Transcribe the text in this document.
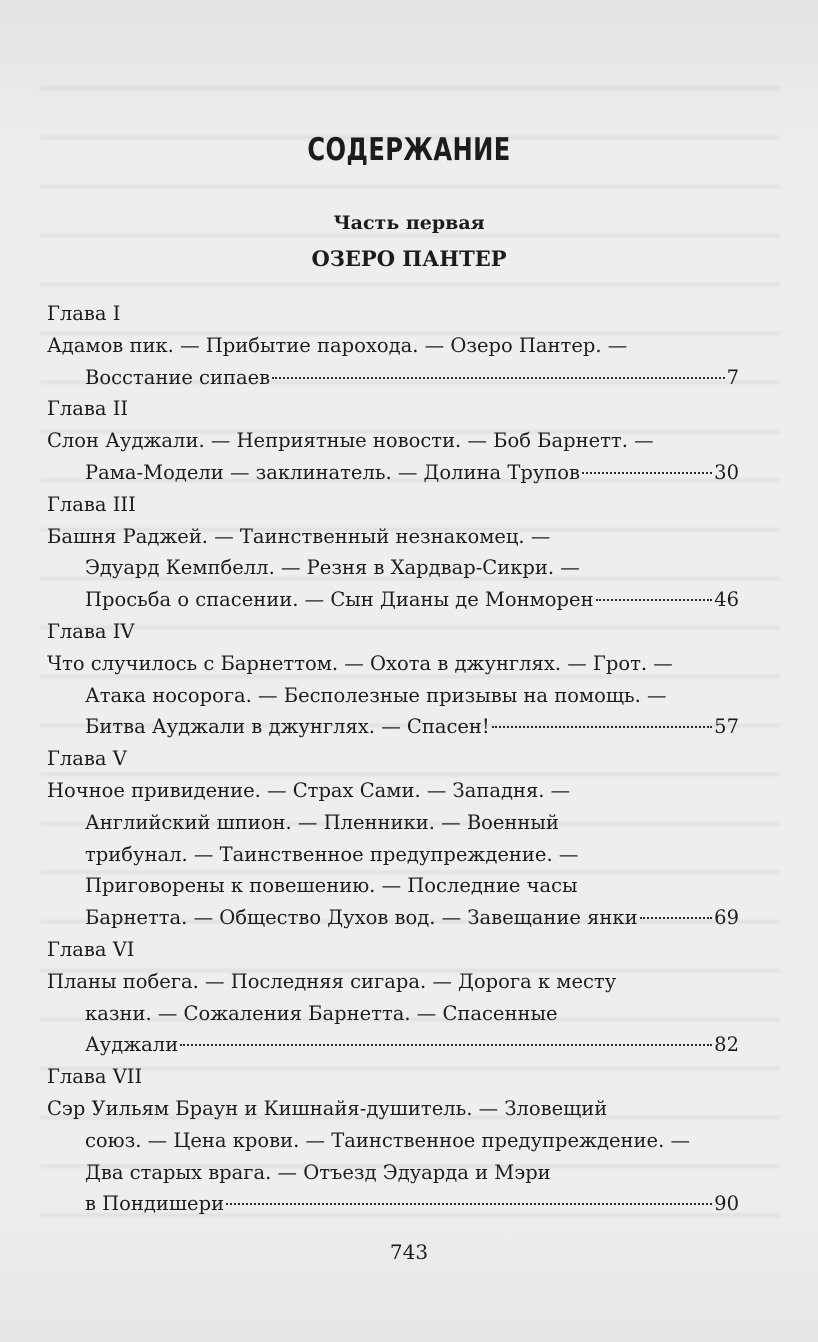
СОДЕРЖАНИЕ
Часть первая
ОЗЕРО ПАНТЕР
Глава I
Адамов пик. — Прибытие парохода. — Озеро Пантер. —
Восстание сипаев	7
Глава II
Слон Ауджали. — Неприятные новости. — Боб Барнетт. —
Рама-Модели — заклинатель. — Долина Трупов	30
Глава III
Башня Раджей. — Таинственный незнакомец. —
Эдуард Кемпбелл. — Резня в Хардвар-Сикри. —
Просьба о спасении. — Сын Дианы де Монморен	46
Глава IV
Что случилось с Барнеттом. — Охота в джунглях. — Грот. —
Атака носорога. — Бесполезные призывы на помощь. —
Битва Ауджали в джунглях. — Спасен!	57
Глава V
Ночное привидение. — Страх Сами. — Западня. —
Английский шпион. — Пленники. — Военный
трибунал. — Таинственное предупреждение. —
Приговорены к повешению. — Последние часы
Барнетта. — Общество Духов вод. — Завещание янки	69
Глава VI
Планы побега. — Последняя сигара. — Дорога к месту
казни. — Сожаления Барнетта. — Спасенные
Ауджали	82
Глава VII
Сэр Уильям Браун и Кишнайя-душитель. — Зловещий
союз. — Цена крови. — Таинственное предупреждение. —
Два старых врага. — Отъезд Эдуарда и Мэри
в Пондишери	90
743
